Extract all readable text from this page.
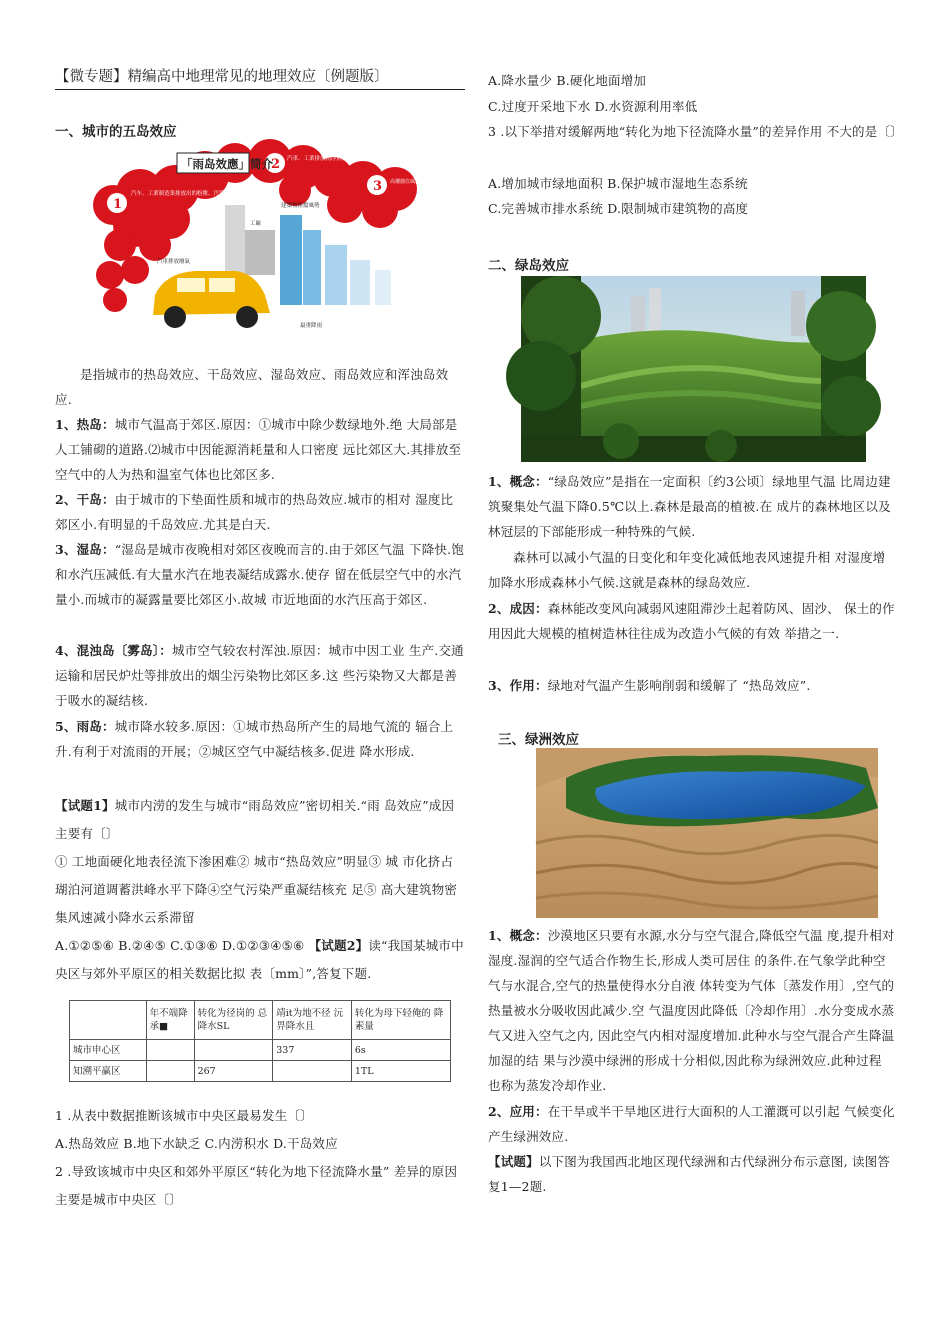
【微专题】精编高中地理常见的地理效应〔例题版〕
一、城市的五岛效应
1
2
3
「雨岛效應」简介
汽车、工業制造業排放出的粉塵、汚染空氣形成降雨
汽車、工業排放物浮於空中及更多微粒
高樓擋住風、令水氣聚集、從而形成雨
工廠
建築物阻擋風勢
汽車排放廢氣
最重降雨

是指城市的热岛效应、干岛效应、湿岛效应、雨岛效应和浑浊岛效应.

1、热岛：城市气温高于郊区.原因：①城市中除少数绿地外.绝 大局部是人工铺砌的道路.⑵城市中因能源消耗量和人口密度 远比郊区大.其排放至空气中的人为热和温室气体也比郊区多.

2、干岛：由于城市的下垫面性质和城市的热岛效应.城市的相对 湿度比郊区小.有明显的千岛效应.尤其是白天.

3、湿岛：“湿岛是城市夜晚相对郊区夜晚而言的.由于郊区气温 下降快.饱和水汽压减低.有大量水汽在地表凝结成露水.使存 留在低层空气中的水汽量小.而城市的凝露量要比郊区小.故城 市近地面的水汽压高于郊区.

4、混浊岛〔雾岛〕：城市空气较农村浑浊.原因：城市中因工业 生产.交通运输和居民炉灶等排放出的烟尘污染物比郊区多.这 些污染物又大都是善于吸水的凝结核.

5、雨岛：城市降水较多.原因：①城市热岛所产生的局地气流的 辐合上升.有利于对流雨的开展；②城区空气中凝结核多.促进 降水形成.

【试题1】城市内涝的发生与城市“雨岛效应”密切相关.“雨 岛效应”成因主要有〔〕

① 工地面硬化地表径流下渗困难② 城市“热岛效应”明显③ 城 市化挤占瑚泊河道调蓄洪峰水平下降④空气污染严重凝结核充 足⑤ 高大建筑物密集风速减小降水云系滞留

A.①②⑤⑥ B.②④⑤ C.①③⑥ D.①②③④⑤⑥ 【试题2】读“我国某城市中央区与郊外平原区的相关数据比拟 表〔mm〕”,答复下题.

	年不端降承■	转化为径岗的 总降水SL	靖it为地不径 沅畀降水且	转化为母下轻俺的 降素量
城市申心区			337	6s
知溯平赢区		267		1TL

1 .从表中数据推断该城市中央区最易发生〔〕

A.热岛效应 B.地下水缺乏 C.内涝积水 D.干岛效应

2 .导致该城市中央区和郊外平原区“转化为地下径流降水量” 差异的原因主要是城市中央区〔〕

A.降水量少 B.硬化地面增加

C.过度开采地下水 D.水资源利用率低

3 .以下举措对缓解两地“转化为地下径流降水量”的差异作用 不大的是〔〕

A.增加城市绿地面积 B.保护城市湿地生态系统

C.完善城市排水系统 D.限制城市建筑物的高度

二、绿岛效应

1、概念：“绿岛效应”是指在一定面积〔约3公顷〕绿地里气温 比周边建筑聚集处气温下降0.5℃以上.森林是最高的植被.在 成片的森林地区以及林冠层的下部能形成一种特殊的气候.

森林可以减小气温的日变化和年变化减低地表风速提升相 对湿度增加降水形成森林小气候.这就是森林的绿岛效应.

2、成因：森林能改变风向减弱风速阻滞沙土起着防风、固沙、 保土的作用因此大规模的植树造林往往成为改造小气候的有效 举措之一.

3、作用：绿地对气温产生影响削弱和缓解了 “热岛效应”.

三、绿洲效应

1、概念：沙漠地区只要有水源,水分与空气混合,降低空气温 度,提升相对湿度.湿润的空气适合作物生长,形成人类可居住 的条件.在气象学此种空气与水混合,空气的热量使得水分自液 体转变为气体〔蒸发作用〕,空气的热量被水分吸收因此减少.空 气温度因此降低〔冷却作用〕.水分变成水蒸气又进入空气之内, 因此空气内相对湿度增加.此种水与空气混合产生降温加湿的结 果与沙漠中绿洲的形成十分相似,因此称为绿洲效应.此种过程 也称为蒸发冷却作业.

2、应用：在干旱或半干旱地区进行大面积的人工灌溉可以引起 气候变化产生绿洲效应.

【试题】以下图为我国西北地区现代绿洲和古代绿洲分布示意图, 读图答复1—2题.
